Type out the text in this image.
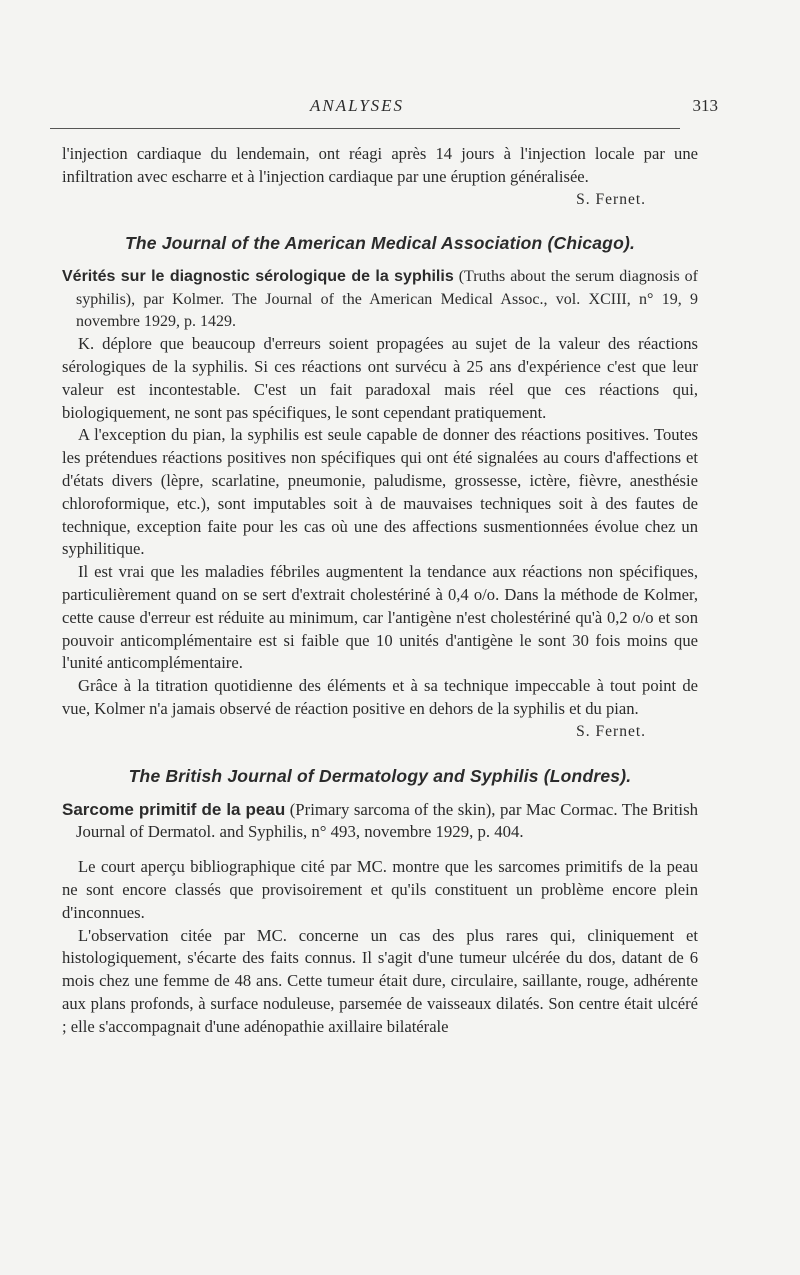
ANALYSES	313

l'injection cardiaque du lendemain, ont réagi après 14 jours à l'injection locale par une infiltration avec escharre et à l'injection cardiaque par une éruption généralisée.

S. Fernet.

The Journal of the American Medical Association (Chicago).

Vérités sur le diagnostic sérologique de la syphilis (Truths about the serum diagnosis of syphilis), par Kolmer. The Journal of the American Medical Assoc., vol. XCIII, n° 19, 9 novembre 1929, p. 1429.

K. déplore que beaucoup d'erreurs soient propagées au sujet de la valeur des réactions sérologiques de la syphilis. Si ces réactions ont survécu à 25 ans d'expérience c'est que leur valeur est incontestable. C'est un fait paradoxal mais réel que ces réactions qui, biologiquement, ne sont pas spécifiques, le sont cependant pratiquement.

A l'exception du pian, la syphilis est seule capable de donner des réactions positives. Toutes les prétendues réactions positives non spécifiques qui ont été signalées au cours d'affections et d'états divers (lèpre, scarlatine, pneumonie, paludisme, grossesse, ictère, fièvre, anesthésie chloroformique, etc.), sont imputables soit à de mauvaises techniques soit à des fautes de technique, exception faite pour les cas où une des affections susmentionnées évolue chez un syphilitique.

Il est vrai que les maladies fébriles augmentent la tendance aux réactions non spécifiques, particulièrement quand on se sert d'extrait cholestériné à 0,4 o/o. Dans la méthode de Kolmer, cette cause d'erreur est réduite au minimum, car l'antigène n'est cholestériné qu'à 0,2 o/o et son pouvoir anticomplémentaire est si faible que 10 unités d'antigène le sont 30 fois moins que l'unité anticomplémentaire.

Grâce à la titration quotidienne des éléments et à sa technique impeccable à tout point de vue, Kolmer n'a jamais observé de réaction positive en dehors de la syphilis et du pian.

S. Fernet.

The British Journal of Dermatology and Syphilis (Londres).

Sarcome primitif de la peau (Primary sarcoma of the skin), par Mac Cormac. The British Journal of Dermatol. and Syphilis, n° 493, novembre 1929, p. 404.

Le court aperçu bibliographique cité par MC. montre que les sarcomes primitifs de la peau ne sont encore classés que provisoirement et qu'ils constituent un problème encore plein d'inconnues.

L'observation citée par MC. concerne un cas des plus rares qui, cliniquement et histologiquement, s'écarte des faits connus. Il s'agit d'une tumeur ulcérée du dos, datant de 6 mois chez une femme de 48 ans. Cette tumeur était dure, circulaire, saillante, rouge, adhérente aux plans profonds, à surface noduleuse, parsemée de vaisseaux dilatés. Son centre était ulcéré ; elle s'accompagnait d'une adénopathie axillaire bilatérale
